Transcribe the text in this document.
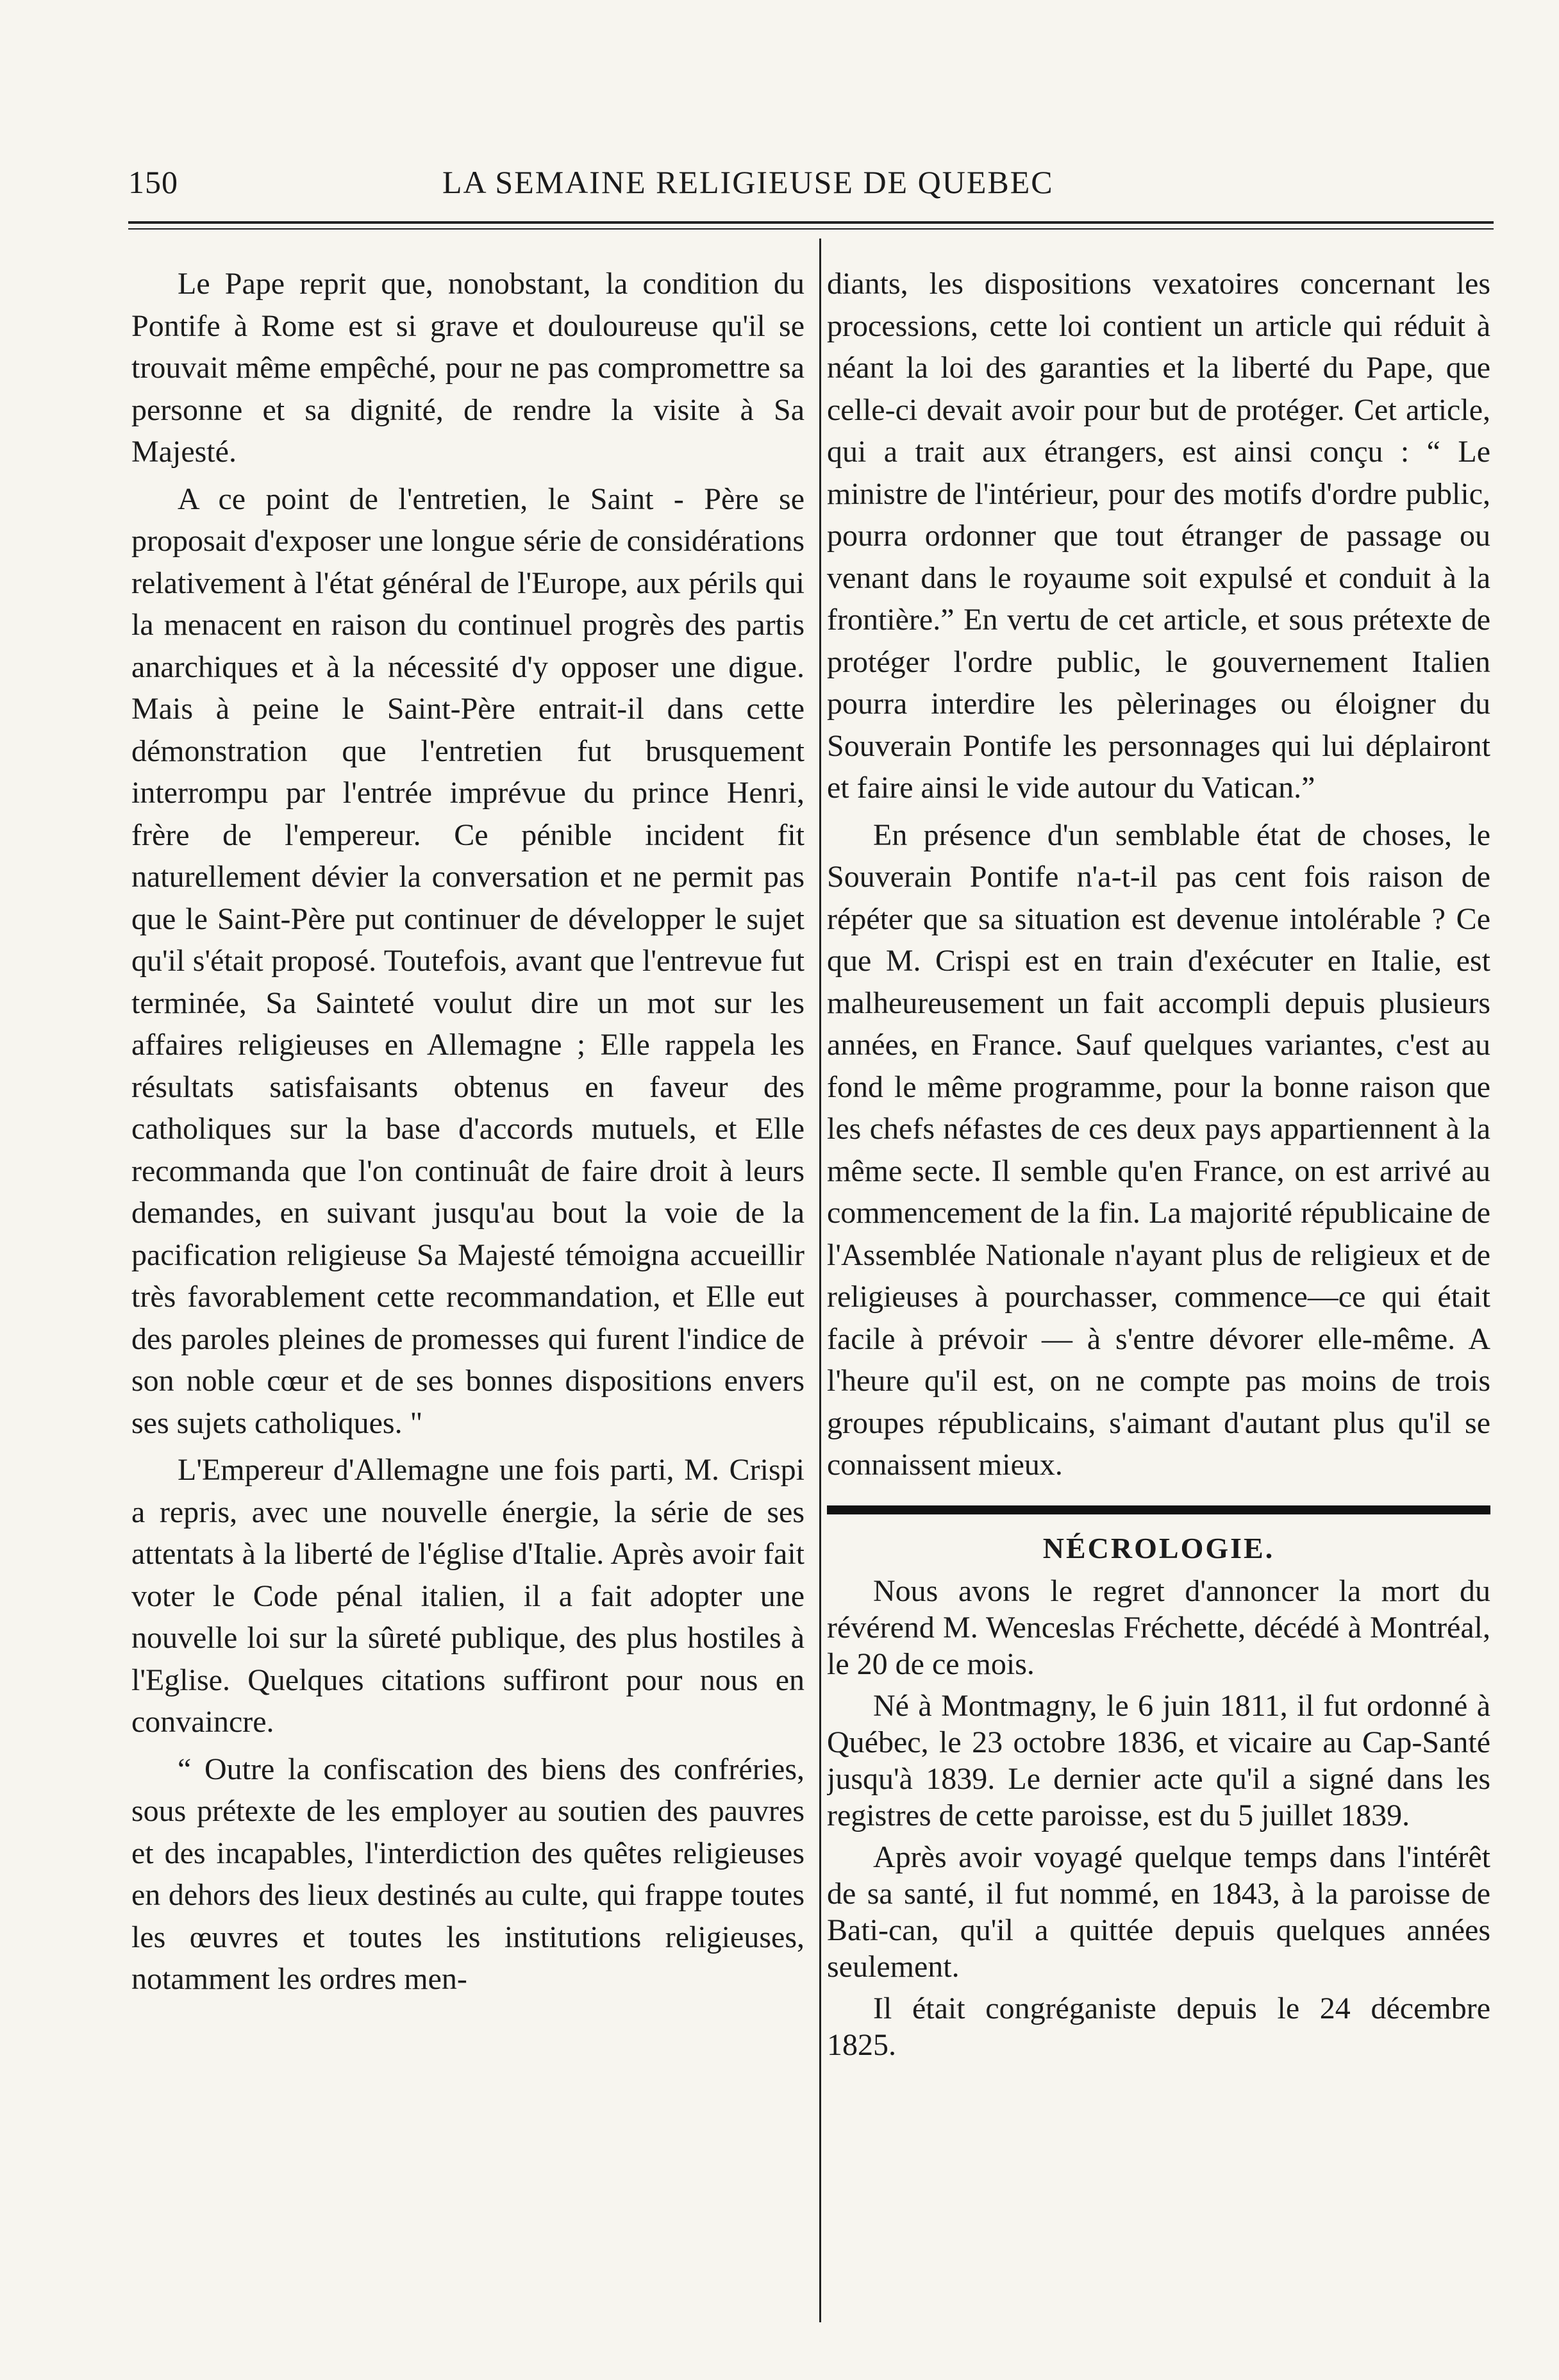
150	LA SEMAINE RELIGIEUSE DE QUEBEC

Le Pape reprit que, nonobstant, la condition du Pontife à Rome est si grave et douloureuse qu'il se trouvait même empêché, pour ne pas compromettre sa personne et sa dignité, de rendre la visite à Sa Majesté.

A ce point de l'entretien, le Saint - Père se proposait d'exposer une longue série de considérations relativement à l'état général de l'Europe, aux périls qui la menacent en raison du continuel progrès des partis anarchiques et à la nécessité d'y opposer une digue. Mais à peine le Saint-Père entrait-il dans cette démonstration que l'entretien fut brusquement interrompu par l'entrée imprévue du prince Henri, frère de l'empereur. Ce pénible incident fit naturellement dévier la conversation et ne permit pas que le Saint-Père put continuer de développer le sujet qu'il s'était proposé. Toutefois, avant que l'entrevue fut terminée, Sa Sainteté voulut dire un mot sur les affaires religieuses en Allemagne ; Elle rappela les résultats satisfaisants obtenus en faveur des catholiques sur la base d'accords mutuels, et Elle recommanda que l'on continuât de faire droit à leurs demandes, en suivant jusqu'au bout la voie de la pacification religieuse Sa Majesté témoigna accueillir très favorablement cette recommandation, et Elle eut des paroles pleines de promesses qui furent l'indice de son noble cœur et de ses bonnes dispositions envers ses sujets catholiques. "

L'Empereur d'Allemagne une fois parti, M. Crispi a repris, avec une nouvelle énergie, la série de ses attentats à la liberté de l'église d'Italie. Après avoir fait voter le Code pénal italien, il a fait adopter une nouvelle loi sur la sûreté publique, des plus hostiles à l'Eglise. Quelques citations suffiront pour nous en convaincre.

“ Outre la confiscation des biens des confréries, sous prétexte de les employer au soutien des pauvres et des incapables, l'interdiction des quêtes religieuses en dehors des lieux destinés au culte, qui frappe toutes les œuvres et toutes les institutions religieuses, notamment les ordres men-

diants, les dispositions vexatoires concernant les processions, cette loi contient un article qui réduit à néant la loi des garanties et la liberté du Pape, que celle-ci devait avoir pour but de protéger. Cet article, qui a trait aux étrangers, est ainsi conçu : “ Le ministre de l'intérieur, pour des motifs d'ordre public, pourra ordonner que tout étranger de passage ou venant dans le royaume soit expulsé et conduit à la frontière.” En vertu de cet article, et sous prétexte de protéger l'ordre public, le gouvernement Italien pourra interdire les pèlerinages ou éloigner du Souverain Pontife les personnages qui lui déplairont et faire ainsi le vide autour du Vatican.”

En présence d'un semblable état de choses, le Souverain Pontife n'a-t-il pas cent fois raison de répéter que sa situation est devenue intolérable ? Ce que M. Crispi est en train d'exécuter en Italie, est malheureusement un fait accompli depuis plusieurs années, en France. Sauf quelques variantes, c'est au fond le même programme, pour la bonne raison que les chefs néfastes de ces deux pays appartiennent à la même secte. Il semble qu'en France, on est arrivé au commencement de la fin. La majorité républicaine de l'Assemblée Nationale n'ayant plus de religieux et de religieuses à pourchasser, commence—ce qui était facile à prévoir — à s'entre dévorer elle-même. A l'heure qu'il est, on ne compte pas moins de trois groupes républicains, s'aimant d'autant plus qu'il se connaissent mieux.

NÉCROLOGIE.

Nous avons le regret d'annoncer la mort du révérend M. Wenceslas Fréchette, décédé à Montréal, le 20 de ce mois.

Né à Montmagny, le 6 juin 1811, il fut ordonné à Québec, le 23 octobre 1836, et vicaire au Cap-Santé jusqu'à 1839. Le dernier acte qu'il a signé dans les registres de cette paroisse, est du 5 juillet 1839.

Après avoir voyagé quelque temps dans l'intérêt de sa santé, il fut nommé, en 1843, à la paroisse de Bati-can, qu'il a quittée depuis quelques années seulement.

Il était congréganiste depuis le 24 décembre 1825.
